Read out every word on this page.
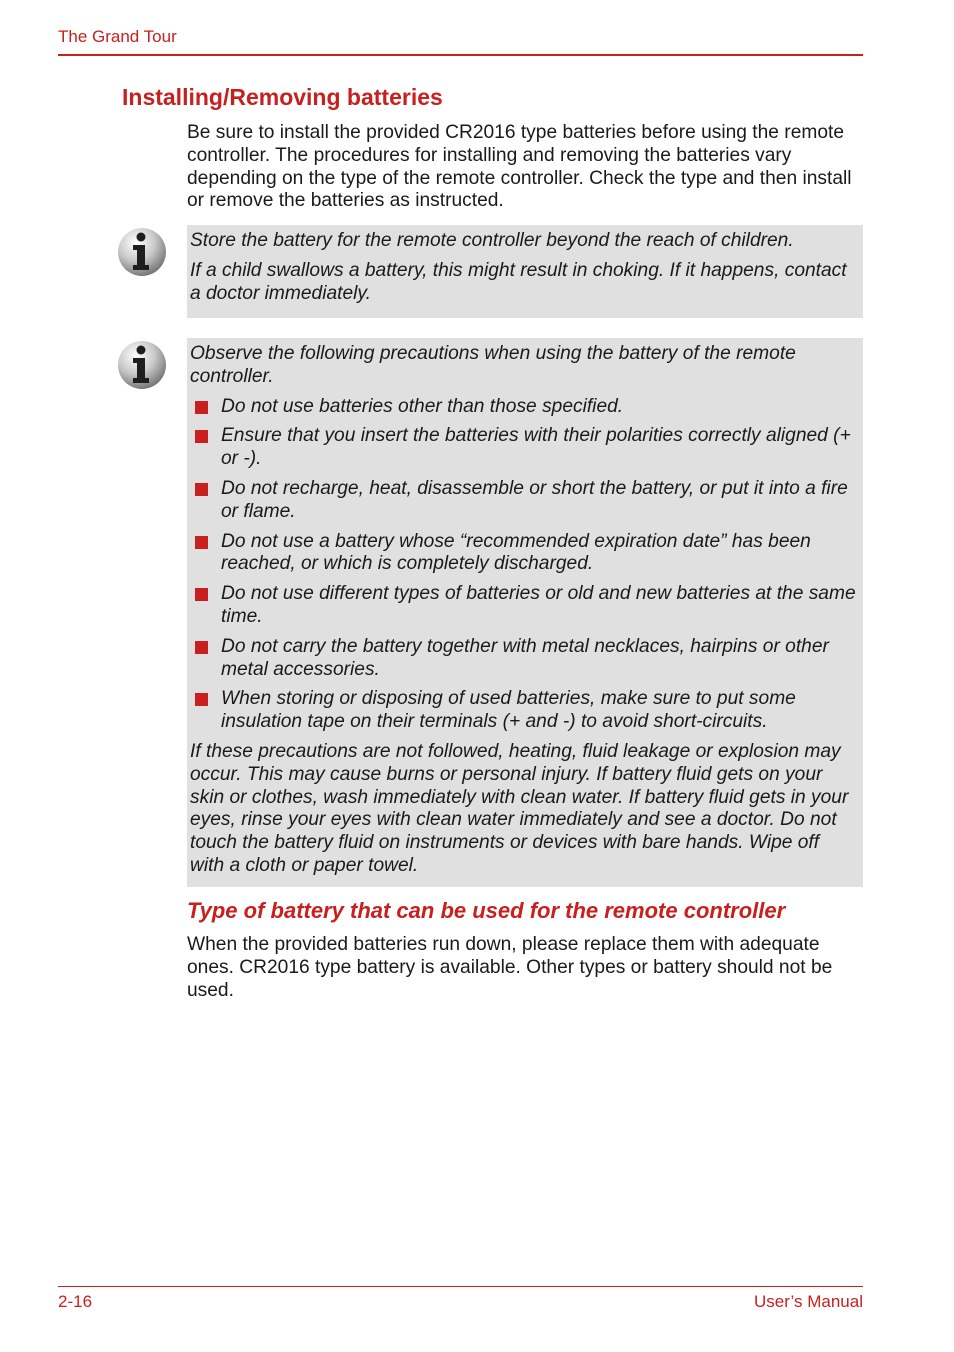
The Grand Tour
Installing/Removing batteries
Be sure to install the provided CR2016 type batteries before using the remote controller. The procedures for installing and removing the batteries vary depending on the type of the remote controller. Check the type and then install or remove the batteries as instructed.

Store the battery for the remote controller beyond the reach of children.

If a child swallows a battery, this might result in choking. If it happens, contact a doctor immediately.

Observe the following precautions when using the battery of the remote controller.

Do not use batteries other than those specified.
Ensure that you insert the batteries with their polarities correctly aligned (+ or -).
Do not recharge, heat, disassemble or short the battery, or put it into a fire or flame.
Do not use a battery whose “recommended expiration date” has been reached, or which is completely discharged.
Do not use different types of batteries or old and new batteries at the same time.
Do not carry the battery together with metal necklaces, hairpins or other metal accessories.
When storing or disposing of used batteries, make sure to put some insulation tape on their terminals (+ and -) to avoid short-circuits.

If these precautions are not followed, heating, fluid leakage or explosion may occur. This may cause burns or personal injury. If battery fluid gets on your skin or clothes, wash immediately with clean water. If battery fluid gets in your eyes, rinse your eyes with clean water immediately and see a doctor. Do not touch the battery fluid on instruments or devices with bare hands. Wipe off with a cloth or paper towel.

Type of battery that can be used for the remote controller
When the provided batteries run down, please replace them with adequate ones. CR2016 type battery is available. Other types or battery should not be used.
2-16	User’s Manual
